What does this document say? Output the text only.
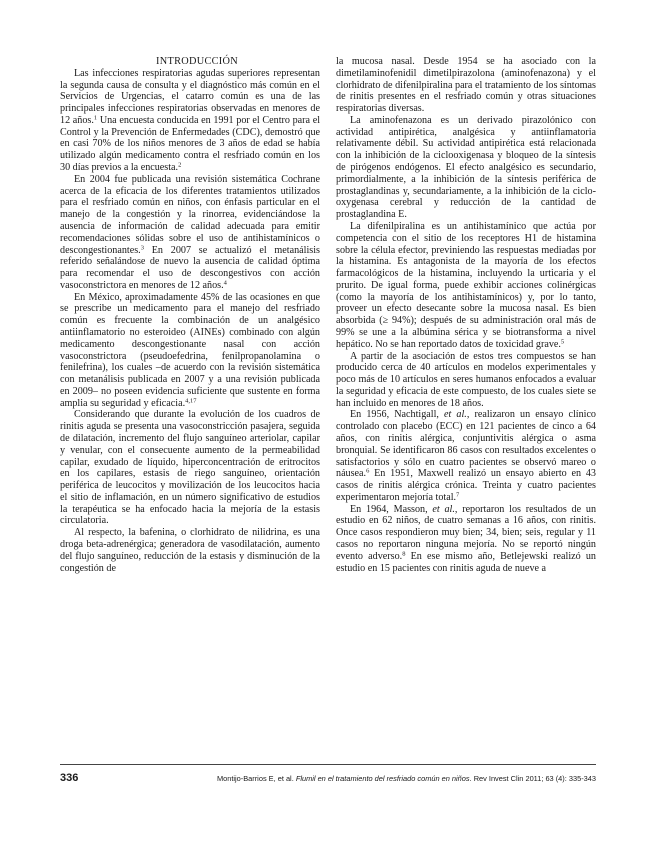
INTRODUCCIÓN

Las infecciones respiratorias agudas superiores representan la segunda causa de consulta y el diagnóstico más común en el Servicios de Urgencias, el catarro común es una de las principales infecciones respiratorias observadas en menores de 12 años.$^1$ Una encuesta conducida en 1991 por el Centro para el Control y la Prevención de Enfermedades (CDC), demostró que en casi 70% de los niños menores de 3 años de edad se había utilizado algún medicamento contra el resfriado común en los 30 días previos a la encuesta.$^2$

En 2004 fue publicada una revisión sistemática Cochrane acerca de la eficacia de los diferentes tratamientos utilizados para el resfriado común en niños, con énfasis particular en el manejo de la congestión y la rinorrea, evidenciándose la ausencia de información de calidad adecuada para emitir recomendaciones sólidas sobre el uso de antihistamínicos o descongestionantes.$^3$ En 2007 se actualizó el metanálisis referido señalándose de nuevo la ausencia de calidad óptima para recomendar el uso de descongestivos con acción vasoconstrictora en menores de 12 años.$^4$

En México, aproximadamente 45% de las ocasiones en que se prescribe un medicamento para el manejo del resfriado común es frecuente la combinación de un analgésico antiinflamatorio no esteroideo (AINEs) combinado con algún medicamento descongestionante nasal con acción vasoconstrictora (pseudoefedrina, fenilpropanolamina o fenilefrina), los cuales –de acuerdo con la revisión sistemática con metanálisis publicada en 2007 y a una revisión publicada en 2009– no poseen evidencia suficiente que sustente en forma amplia su seguridad y eficacia.$^{4,17}$

Considerando que durante la evolución de los cuadros de rinitis aguda se presenta una vasoconstricción pasajera, seguida de dilatación, incremento del flujo sanguíneo arteriolar, capilar y venular, con el consecuente aumento de la permeabilidad capilar, exudado de líquido, hiperconcentración de eritrocitos en los capilares, estasis de riego sanguíneo, orientación periférica de leucocitos y movilización de los leucocitos hacia el sitio de inflamación, en un número significativo de estudios la terapéutica se ha enfocado hacia la mejoría de la estasis circulatoria.

Al respecto, la bafenina, o clorhidrato de nilidrina, es una droga beta-adrenérgica; generadora de vasodilatación, aumento del flujo sanguíneo, reducción de la estasis y disminución de la congestión de

la mucosa nasal. Desde 1954 se ha asociado con la dimetilaminofenidil dimetilpirazolona (aminofenazona) y el clorhidrato de difenilpiralina para el tratamiento de los síntomas de rinitis presentes en el resfriado común y otras situaciones respiratorias diversas.

La aminofenazona es un derivado pirazolónico con actividad antipirética, analgésica y antiinflamatoria relativamente débil. Su actividad antipirética está relacionada con la inhibición de la ciclooxigenasa y bloqueo de la síntesis de pirógenos endógenos. El efecto analgésico es secundario, primordialmente, a la inhibición de la síntesis periférica de prostaglandinas y, secundariamente, a la inhibición de la ciclo-oxygenasa cerebral y reducción de la cantidad de prostaglandina E.

La difenilpiralina es un antihistamínico que actúa por competencia con el sitio de los receptores H1 de histamina sobre la célula efector, previniendo las respuestas mediadas por la histamina. Es antagonista de la mayoría de los efectos farmacológicos de la histamina, incluyendo la urticaria y el prurito. De igual forma, puede exhibir acciones colinérgicas (como la mayoría de los antihistamínicos) y, por lo tanto, proveer un efecto desecante sobre la mucosa nasal. Es bien absorbida (≥ 94%); después de su administración oral más de 99% se une a la albúmina sérica y se biotransforma a nivel hepático. No se han reportado datos de toxicidad grave.$^5$

A partir de la asociación de estos tres compuestos se han producido cerca de 40 artículos en modelos experimentales y poco más de 10 artículos en seres humanos enfocados a evaluar la seguridad y eficacia de este compuesto, de los cuales siete se han incluido en menores de 18 años.

En 1956, Nachtigall, et al., realizaron un ensayo clínico controlado con placebo (ECC) en 121 pacientes de cinco a 64 años, con rinitis alérgica, conjuntivitis alérgica o asma bronquial. Se identificaron 86 casos con resultados excelentes o satisfactorios y sólo en cuatro pacientes se observó mareo o náusea.$^6$ En 1951, Maxwell realizó un ensayo abierto en 43 casos de rinitis alérgica crónica. Treinta y cuatro pacientes experimentaron mejoría total.$^7$

En 1964, Masson, et al., reportaron los resultados de un estudio en 62 niños, de cuatro semanas a 16 años, con rinitis. Once casos respondieron muy bien; 34, bien; seis, regular y 11 casos no reportaron ninguna mejoría. No se reportó ningún evento adverso.$^8$ En ese mismo año, Betlejewski realizó un estudio en 15 pacientes con rinitis aguda de nueve a

336	Montijo-Barrios E, et al. Flumil en el tratamiento del resfriado común en niños. Rev Invest Clin 2011; 63 (4): 335-343
